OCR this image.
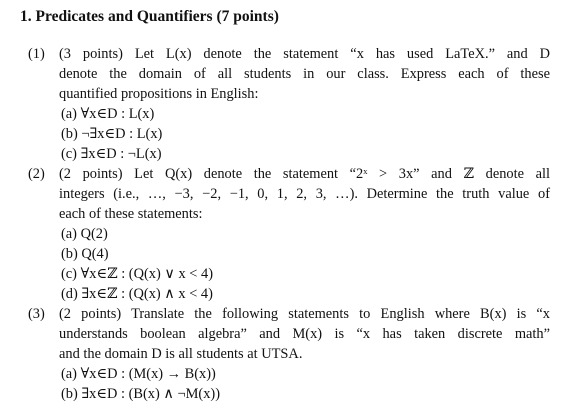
1. Predicates and Quantifiers (7 points)
(1) (3 points) Let L(x) denote the statement “x has used LaTeX.” and D
denote the domain of all students in our class. Express each of these
quantified propositions in English:
(a) ∀x∈D : L(x)
(b) ¬∃x∈D : L(x)
(c) ∃x∈D : ¬L(x)
(2) (2 points) Let Q(x) denote the statement “2ˣ > 3x” and ℤ denote all
integers (i.e., …, −3, −2, −1, 0, 1, 2, 3, …). Determine the truth value of
each of these statements:
(a) Q(2)
(b) Q(4)
(c) ∀x∈ℤ : (Q(x) ∨ x < 4)
(d) ∃x∈ℤ : (Q(x) ∧ x < 4)
(3) (2 points) Translate the following statements to English where B(x) is “x
understands boolean algebra” and M(x) is “x has taken discrete math”
and the domain D is all students at UTSA.
(a) ∀x∈D : (M(x) → B(x))
(b) ∃x∈D : (B(x) ∧ ¬M(x))
